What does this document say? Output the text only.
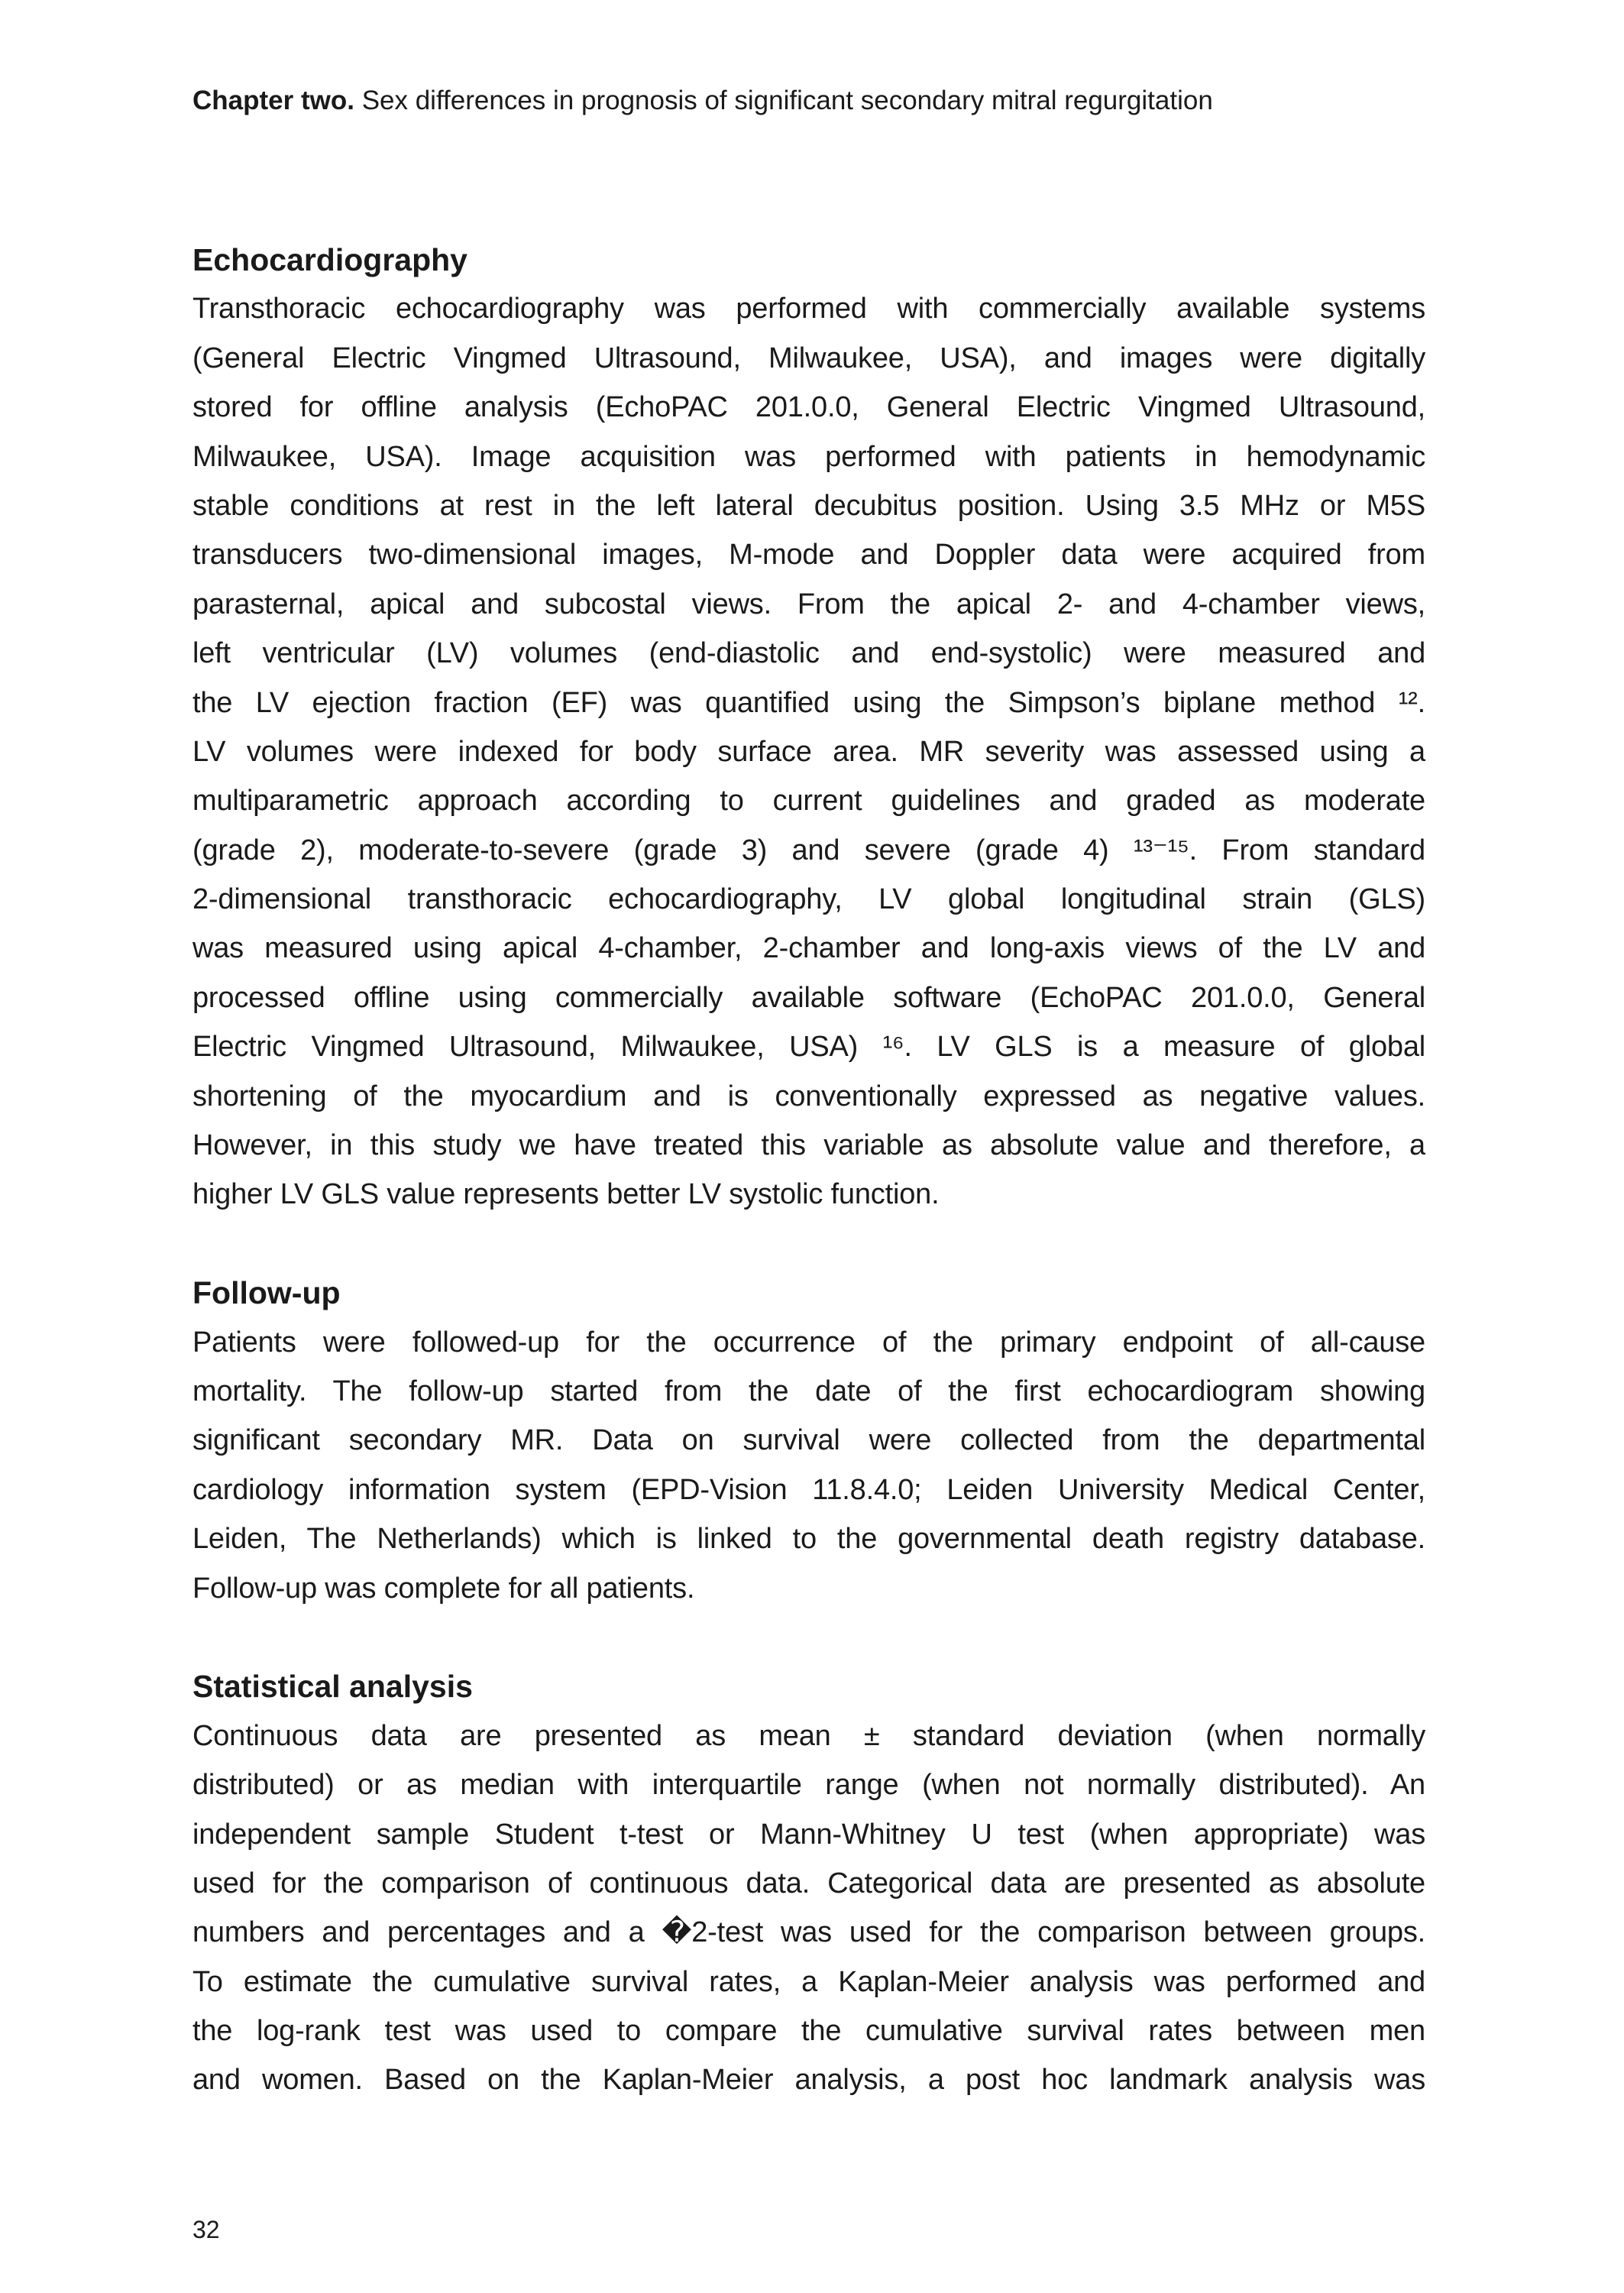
Chapter two. Sex differences in prognosis of significant secondary mitral regurgitation
Echocardiography
Transthoracic echocardiography was performed with commercially available systems
(General Electric Vingmed Ultrasound, Milwaukee, USA), and images were digitally
stored for offline analysis (EchoPAC 201.0.0, General Electric Vingmed Ultrasound,
Milwaukee, USA). Image acquisition was performed with patients in hemodynamic
stable conditions at rest in the left lateral decubitus position. Using 3.5 MHz or M5S
transducers two-dimensional images, M-mode and Doppler data were acquired from
parasternal, apical and subcostal views. From the apical 2- and 4-chamber views,
left ventricular (LV) volumes (end-diastolic and end-systolic) were measured and
the LV ejection fraction (EF) was quantified using the Simpson’s biplane method ¹².
LV volumes were indexed for body surface area. MR severity was assessed using a
multiparametric approach according to current guidelines and graded as moderate
(grade 2), moderate-to-severe (grade 3) and severe (grade 4) ¹³⁻¹⁵. From standard
2-dimensional transthoracic echocardiography, LV global longitudinal strain (GLS)
was measured using apical 4-chamber, 2-chamber and long-axis views of the LV and
processed offline using commercially available software (EchoPAC 201.0.0, General
Electric Vingmed Ultrasound, Milwaukee, USA) ¹⁶. LV GLS is a measure of global
shortening of the myocardium and is conventionally expressed as negative values.
However, in this study we have treated this variable as absolute value and therefore, a
higher LV GLS value represents better LV systolic function.
Follow-up
Patients were followed-up for the occurrence of the primary endpoint of all-cause
mortality. The follow-up started from the date of the first echocardiogram showing
significant secondary MR. Data on survival were collected from the departmental
cardiology information system (EPD-Vision 11.8.4.0; Leiden University Medical Center,
Leiden, The Netherlands) which is linked to the governmental death registry database.
Follow-up was complete for all patients.
Statistical analysis
Continuous data are presented as mean ± standard deviation (when normally
distributed) or as median with interquartile range (when not normally distributed). An
independent sample Student t-test or Mann-Whitney U test (when appropriate) was
used for the comparison of continuous data. Categorical data are presented as absolute
numbers and percentages and a �2-test was used for the comparison between groups.
To estimate the cumulative survival rates, a Kaplan-Meier analysis was performed and
the log-rank test was used to compare the cumulative survival rates between men
and women. Based on the Kaplan-Meier analysis, a post hoc landmark analysis was
32
